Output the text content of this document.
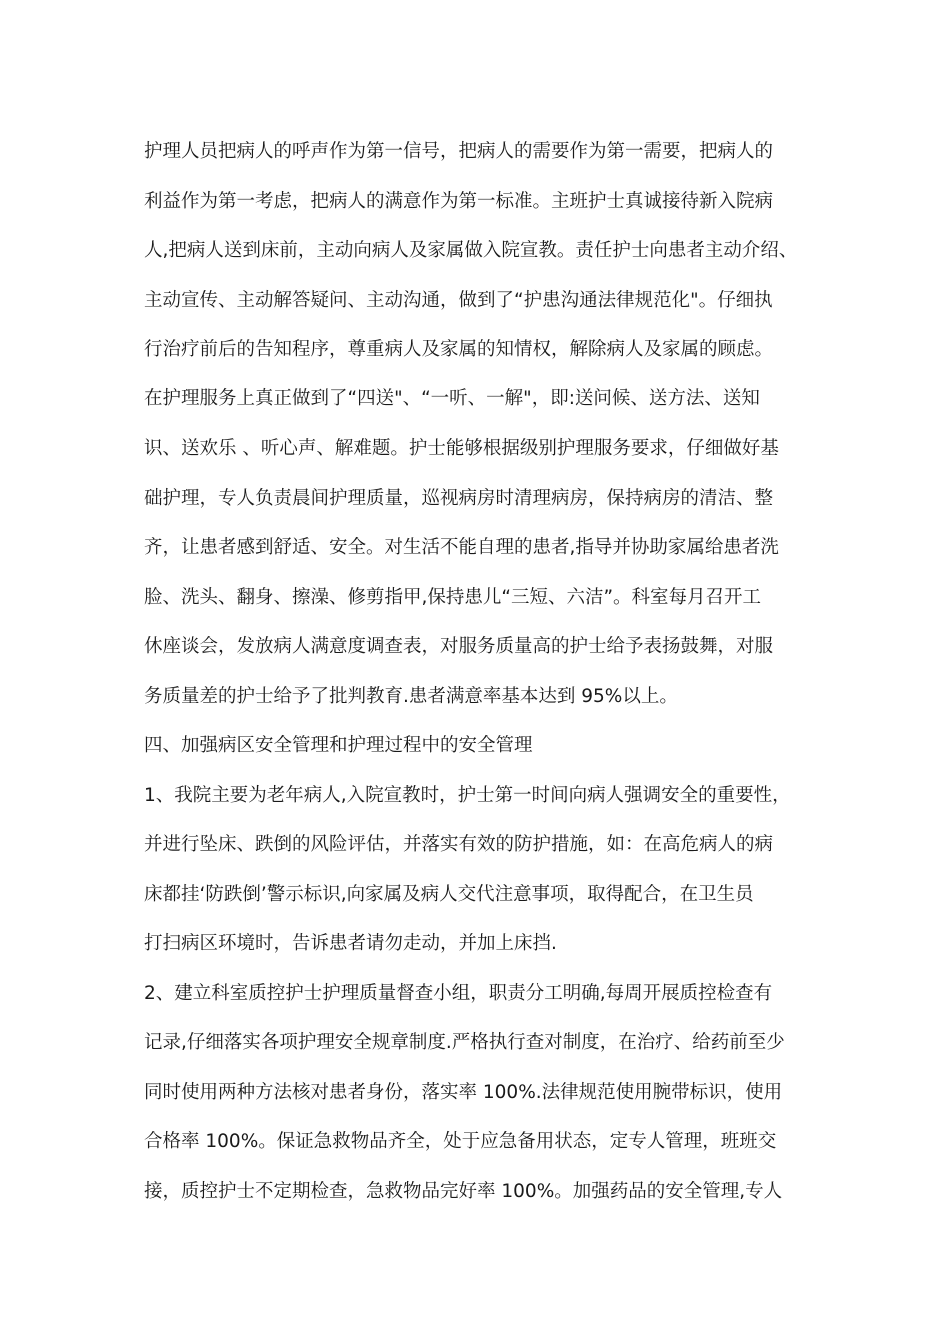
护理人员把病人的呼声作为第一信号，把病人的需要作为第一需要，把病人的
利益作为第一考虑，把病人的满意作为第一标准。主班护士真诚接待新入院病
人,把病人送到床前，主动向病人及家属做入院宣教。责任护士向患者主动介绍、
主动宣传、主动解答疑问、主动沟通，做到了“护患沟通法律规范化"。仔细执
行治疗前后的告知程序，尊重病人及家属的知情权，解除病人及家属的顾虑。
在护理服务上真正做到了“四送"、“一听、一解"，即:送问候、送方法、送知
识、送欢乐 、听心声、解难题。护士能够根据级别护理服务要求，仔细做好基
础护理，专人负责晨间护理质量，巡视病房时清理病房，保持病房的清洁、整
齐，让患者感到舒适、安全。对生活不能自理的患者,指导并协助家属给患者洗
脸、洗头、翻身、擦澡、修剪指甲,保持患儿“三短、六洁”。科室每月召开工
休座谈会，发放病人满意度调查表，对服务质量高的护士给予表扬鼓舞，对服
务质量差的护士给予了批判教育.患者满意率基本达到 95%以上。
四、加强病区安全管理和护理过程中的安全管理
1、我院主要为老年病人,入院宣教时，护士第一时间向病人强调安全的重要性，
并进行坠床、跌倒的风险评估，并落实有效的防护措施，如：在高危病人的病
床都挂‘防跌倒’警示标识,向家属及病人交代注意事项，取得配合，在卫生员
打扫病区环境时，告诉患者请勿走动，并加上床挡.
2、建立科室质控护士护理质量督查小组，职责分工明确,每周开展质控检查有
记录,仔细落实各项护理安全规章制度.严格执行查对制度，在治疗、给药前至少
同时使用两种方法核对患者身份，落实率 100%.法律规范使用腕带标识，使用
合格率 100%。保证急救物品齐全，处于应急备用状态，定专人管理，班班交
接，质控护士不定期检查，急救物品完好率 100%。加强药品的安全管理,专人
